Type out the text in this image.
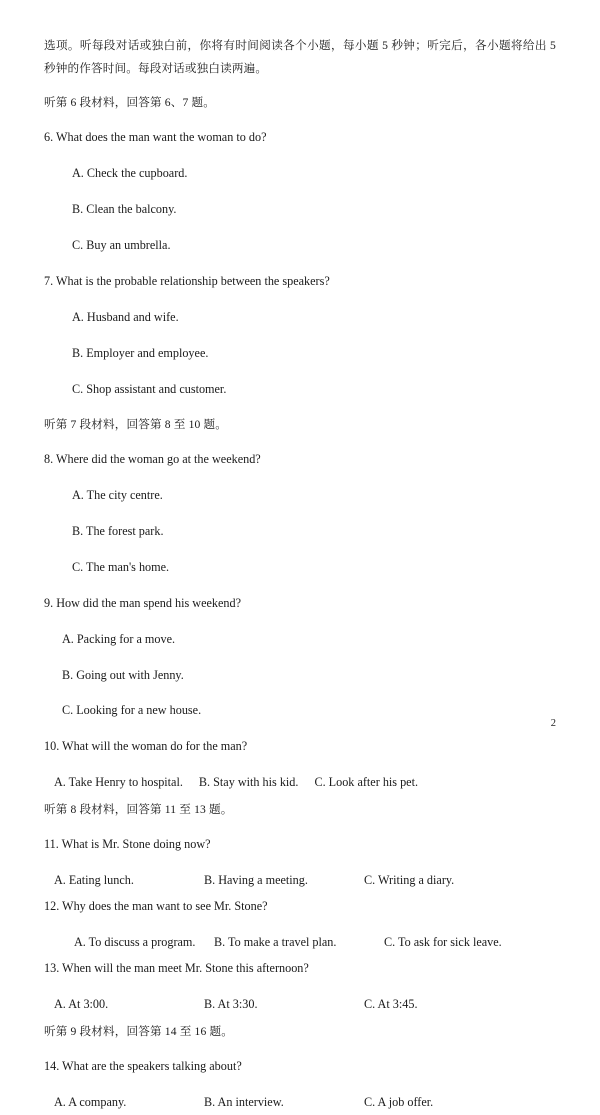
选项。听每段对话或独白前，你将有时间阅读各个小题，每小题 5 秒钟；听完后，各小题将给出 5 秒钟的作答时间。每段对话或独白读两遍。

听第 6 段材料，回答第 6、7 题。

6. What does the man want the woman to do?

A. Check the cupboard.

B. Clean the balcony.

C. Buy an umbrella.

7. What is the probable relationship between the speakers?

A. Husband and wife.

B. Employer and employee.

C. Shop assistant and customer.

听第 7 段材料，回答第 8 至 10 题。

8. Where did the woman go at the weekend?

A. The city centre.

B. The forest park.

C. The man's home.

9. How did the man spend his weekend?

A. Packing for a move.

B. Going out with Jenny.

C. Looking for a new house.

10. What will the woman do for the man?

A. Take Henry to hospital. B. Stay with his kid. C. Look after his pet.

听第 8 段材料，回答第 11 至 13 题。

11. What is Mr. Stone doing now?

A. Eating lunch.	B. Having a meeting.	C. Writing a diary.

12. Why does the man want to see Mr. Stone?

A. To discuss a program.	B. To make a travel plan.	C. To ask for sick leave.

13. When will the man meet Mr. Stone this afternoon?

A. At 3:00.	B. At 3:30.	C. At 3:45.

听第 9 段材料，回答第 14 至 16 题。

14. What are the speakers talking about?

A. A company.	B. An interview.	C. A job offer.
2
